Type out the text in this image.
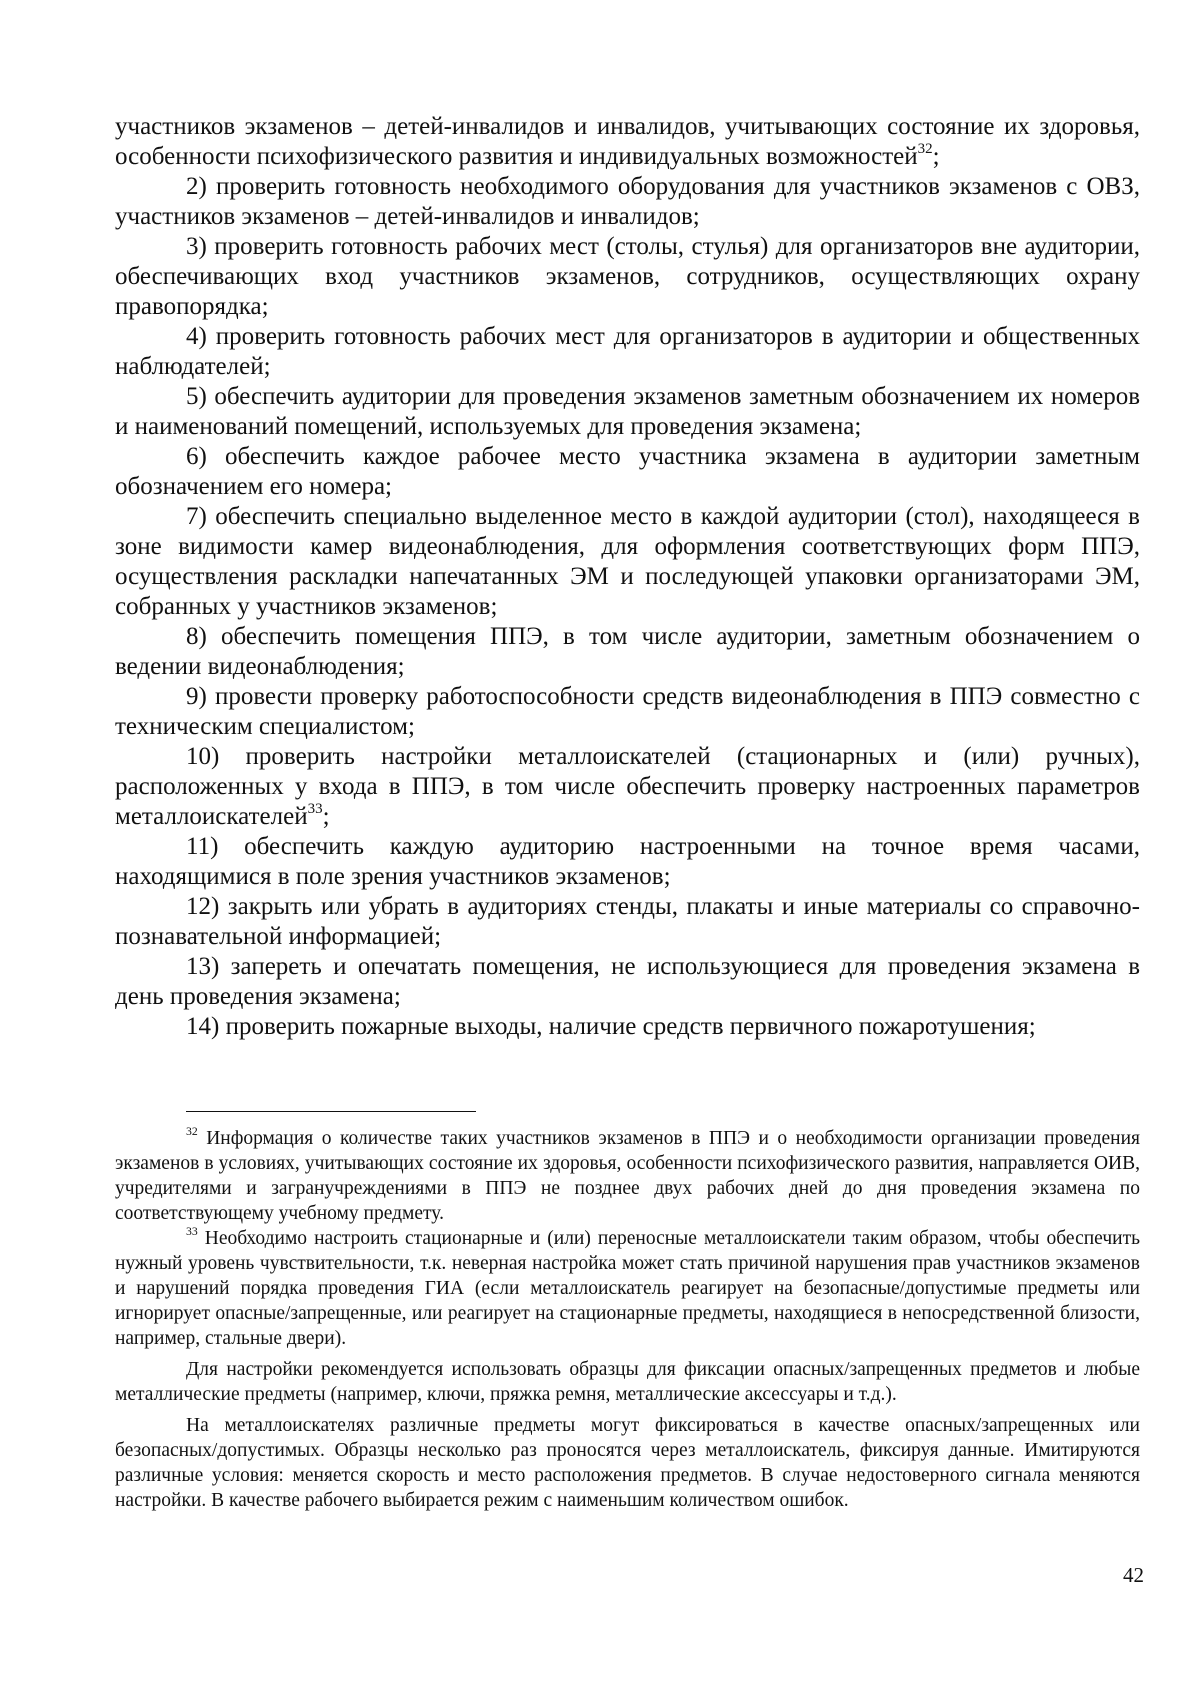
участников экзаменов – детей-инвалидов и инвалидов, учитывающих состояние их здоровья, особенности психофизического развития и индивидуальных возможностей$^{32}$;

2) проверить готовность необходимого оборудования для участников экзаменов с ОВЗ, участников экзаменов – детей-инвалидов и инвалидов;

3) проверить готовность рабочих мест (столы, стулья) для организаторов вне аудитории, обеспечивающих вход участников экзаменов, сотрудников, осуществляющих охрану правопорядка;

4) проверить готовность рабочих мест для организаторов в аудитории и общественных наблюдателей;

5) обеспечить аудитории для проведения экзаменов заметным обозначением их номеров и наименований помещений, используемых для проведения экзамена;

6) обеспечить каждое рабочее место участника экзамена в аудитории заметным обозначением его номера;

7) обеспечить специально выделенное место в каждой аудитории (стол), находящееся в зоне видимости камер видеонаблюдения, для оформления соответствующих форм ППЭ, осуществления раскладки напечатанных ЭМ и последующей упаковки организаторами ЭМ, собранных у участников экзаменов;

8) обеспечить помещения ППЭ, в том числе аудитории, заметным обозначением о ведении видеонаблюдения;

9) провести проверку работоспособности средств видеонаблюдения в ППЭ совместно с техническим специалистом;

10) проверить настройки металлоискателей (стационарных и (или) ручных), расположенных у входа в ППЭ, в том числе обеспечить проверку настроенных параметров металлоискателей$^{33}$;

11) обеспечить каждую аудиторию настроенными на точное время часами, находящимися в поле зрения участников экзаменов;

12) закрыть или убрать в аудиториях стенды, плакаты и иные материалы со справочно-познавательной информацией;

13) запереть и опечатать помещения, не использующиеся для проведения экзамена в день проведения экзамена;

14) проверить пожарные выходы, наличие средств первичного пожаротушения;

$^{32}$ Информация о количестве таких участников экзаменов в ППЭ и о необходимости организации проведения экзаменов в условиях, учитывающих состояние их здоровья, особенности психофизического развития, направляется ОИВ, учредителями и загранучреждениями в ППЭ не позднее двух рабочих дней до дня проведения экзамена по соответствующему учебному предмету.

$^{33}$ Необходимо настроить стационарные и (или) переносные металлоискатели таким образом, чтобы обеспечить нужный уровень чувствительности, т.к. неверная настройка может стать причиной нарушения прав участников экзаменов и нарушений порядка проведения ГИА (если металлоискатель реагирует на безопасные/допустимые предметы или игнорирует опасные/запрещенные, или реагирует на стационарные предметы, находящиеся в непосредственной близости, например, стальные двери).

Для настройки рекомендуется использовать образцы для фиксации опасных/запрещенных предметов и любые металлические предметы (например, ключи, пряжка ремня, металлические аксессуары и т.д.).

На металлоискателях различные предметы могут фиксироваться в качестве опасных/запрещенных или безопасных/допустимых. Образцы несколько раз проносятся через металлоискатель, фиксируя данные. Имитируются различные условия: меняется скорость и место расположения предметов. В случае недостоверного сигнала меняются настройки. В качестве рабочего выбирается режим с наименьшим количеством ошибок.

42
